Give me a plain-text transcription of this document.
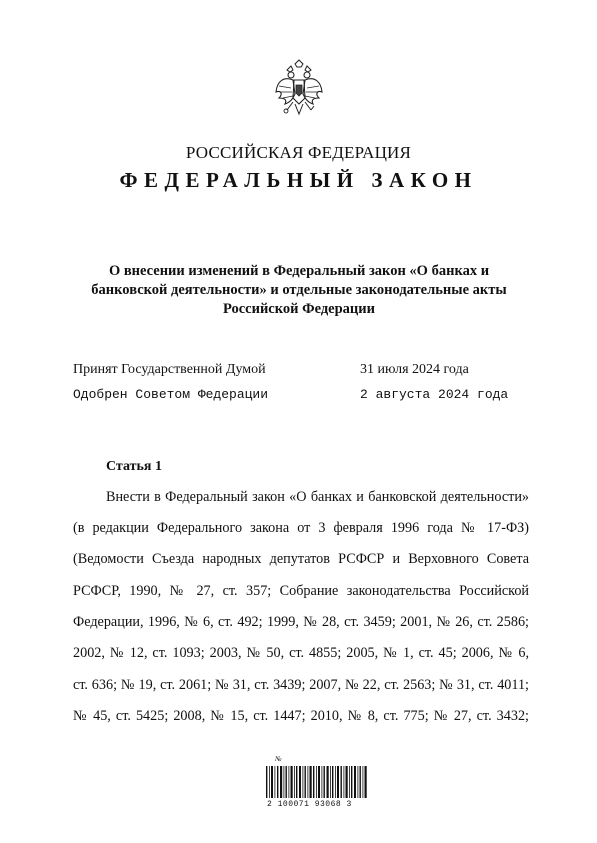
РОССИЙСКАЯ ФЕДЕРАЦИЯ
ФЕДЕРАЛЬНЫЙ ЗАКОН
О внесении изменений в Федеральный закон «О банках и банковской деятельности» и отдельные законодательные акты Российской Федерации
Принят Государственной Думой	31 июля 2024 года
Одобрен Советом Федерации	2 августа 2024 года
Статья 1
Внести в Федеральный закон «О банках и банковской деятельности»
(в редакции Федерального закона от 3 февраля 1996 года № 17-ФЗ)
(Ведомости Съезда народных депутатов РСФСР и Верховного Совета
РСФСР, 1990, № 27, ст. 357; Собрание законодательства Российской
Федерации, 1996, № 6, ст. 492; 1999, № 28, ст. 3459; 2001, № 26, ст. 2586;
2002, № 12, ст. 1093; 2003, № 50, ст. 4855; 2005, № 1, ст. 45; 2006, № 6,
ст. 636; № 19, ст. 2061; № 31, ст. 3439; 2007, № 22, ст. 2563; № 31, ст. 4011;
№ 45, ст. 5425; 2008, № 15, ст. 1447; 2010, № 8, ст. 775; № 27, ст. 3432;
№
2 100071 93068 3
